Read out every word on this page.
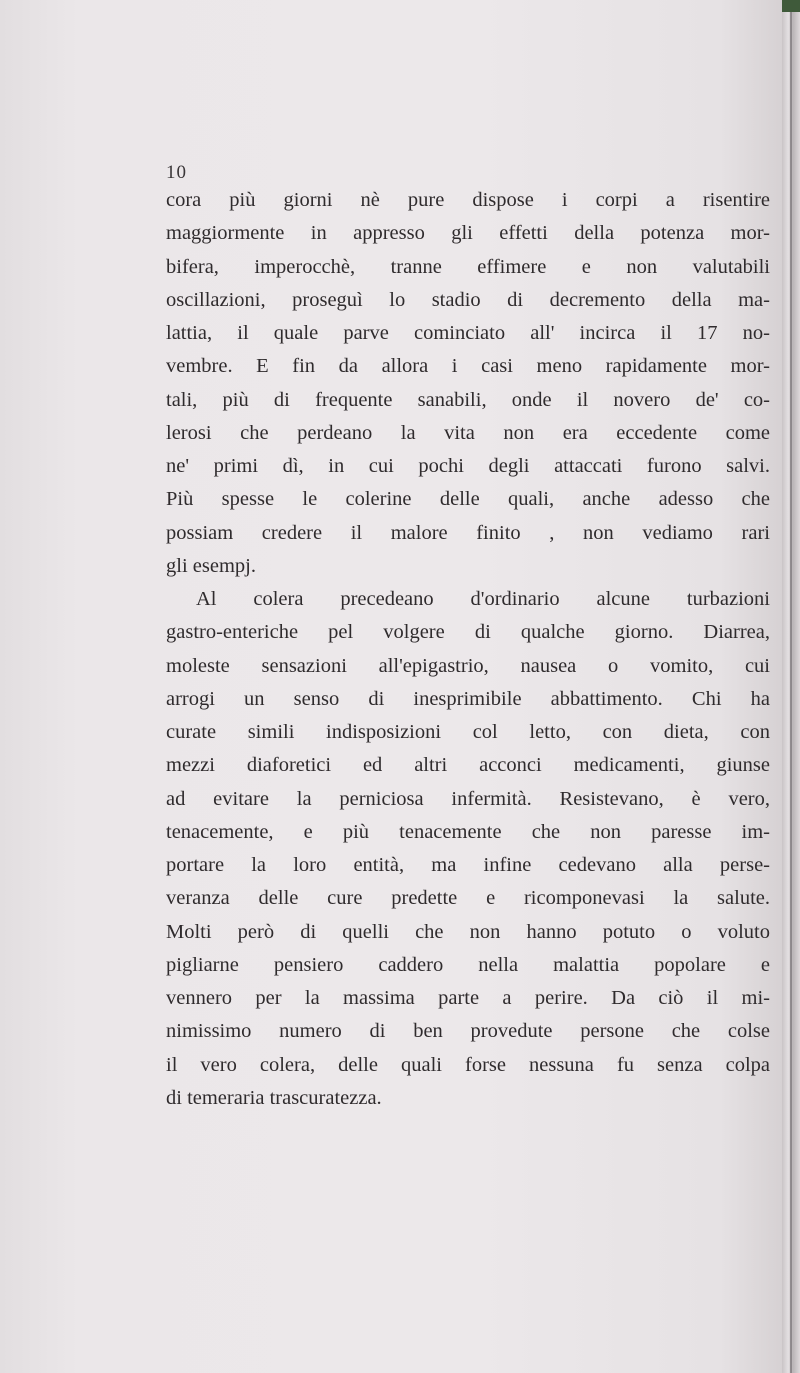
10
cora più giorni nè pure dispose i corpi a risentire
maggiormente in appresso gli effetti della potenza mor-
bifera, imperocchè, tranne effimere e non valutabili
oscillazioni, proseguì lo stadio di decremento della ma-
lattia, il quale parve cominciato all' incirca il 17 no-
vembre. E fin da allora i casi meno rapidamente mor-
tali, più di frequente sanabili, onde il novero de' co-
lerosi che perdeano la vita non era eccedente come
ne' primi dì, in cui pochi degli attaccati furono salvi.
Più spesse le colerine delle quali, anche adesso che
possiam credere il malore finito , non vediamo rari
gli esempj.
Al colera precedeano d'ordinario alcune turbazioni
gastro-enteriche pel volgere di qualche giorno. Diarrea,
moleste sensazioni all'epigastrio, nausea o vomito, cui
arrogi un senso di inesprimibile abbattimento. Chi ha
curate simili indisposizioni col letto, con dieta, con
mezzi diaforetici ed altri acconci medicamenti, giunse
ad evitare la perniciosa infermità. Resistevano, è vero,
tenacemente, e più tenacemente che non paresse im-
portare la loro entità, ma infine cedevano alla perse-
veranza delle cure predette e ricomponevasi la salute.
Molti però di quelli che non hanno potuto o voluto
pigliarne pensiero caddero nella malattia popolare e
vennero per la massima parte a perire. Da ciò il mi-
nimissimo numero di ben provedute persone che colse
il vero colera, delle quali forse nessuna fu senza colpa
di temeraria trascuratezza.
